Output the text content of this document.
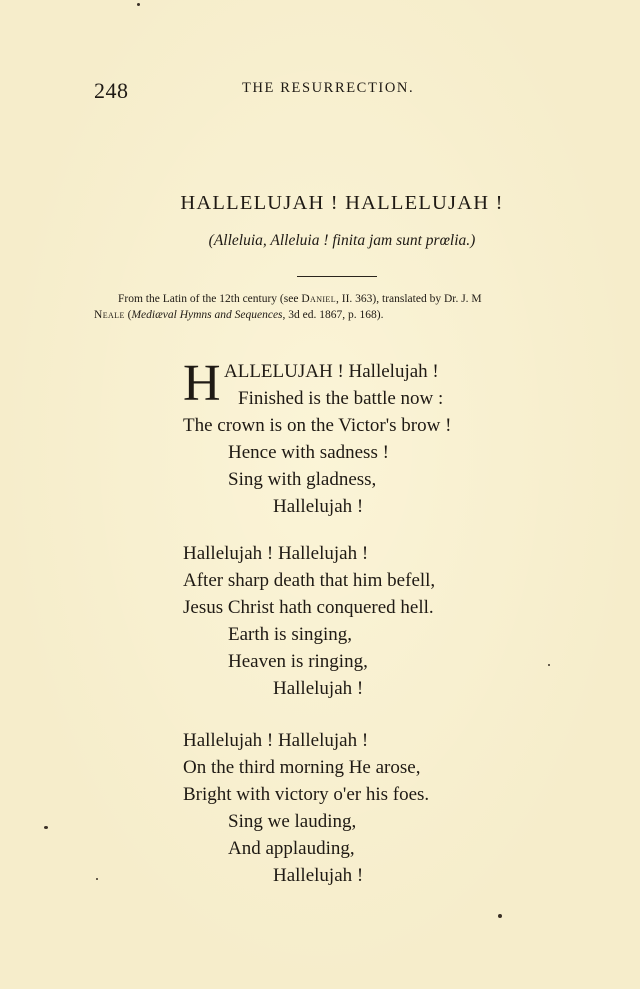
248	THE RESURRECTION.
HALLELUJAH ! HALLELUJAH !
(Alleluia, Alleluia ! finita jam sunt prœlia.)
From the Latin of the 12th century (see Daniel, II. 363), translated by Dr. J. M
Neale (Mediæval Hymns and Sequences, 3d ed. 1867, p. 168).
H ALLELUJAH ! Hallelujah !
Finished is the battle now :
The crown is on the Victor's brow !
Hence with sadness !
Sing with gladness,
Hallelujah !
Hallelujah ! Hallelujah !
After sharp death that him befell,
Jesus Christ hath conquered hell.
Earth is singing,
Heaven is ringing,
Hallelujah !
Hallelujah ! Hallelujah !
On the third morning He arose,
Bright with victory o'er his foes.
Sing we lauding,
And applauding,
Hallelujah !
